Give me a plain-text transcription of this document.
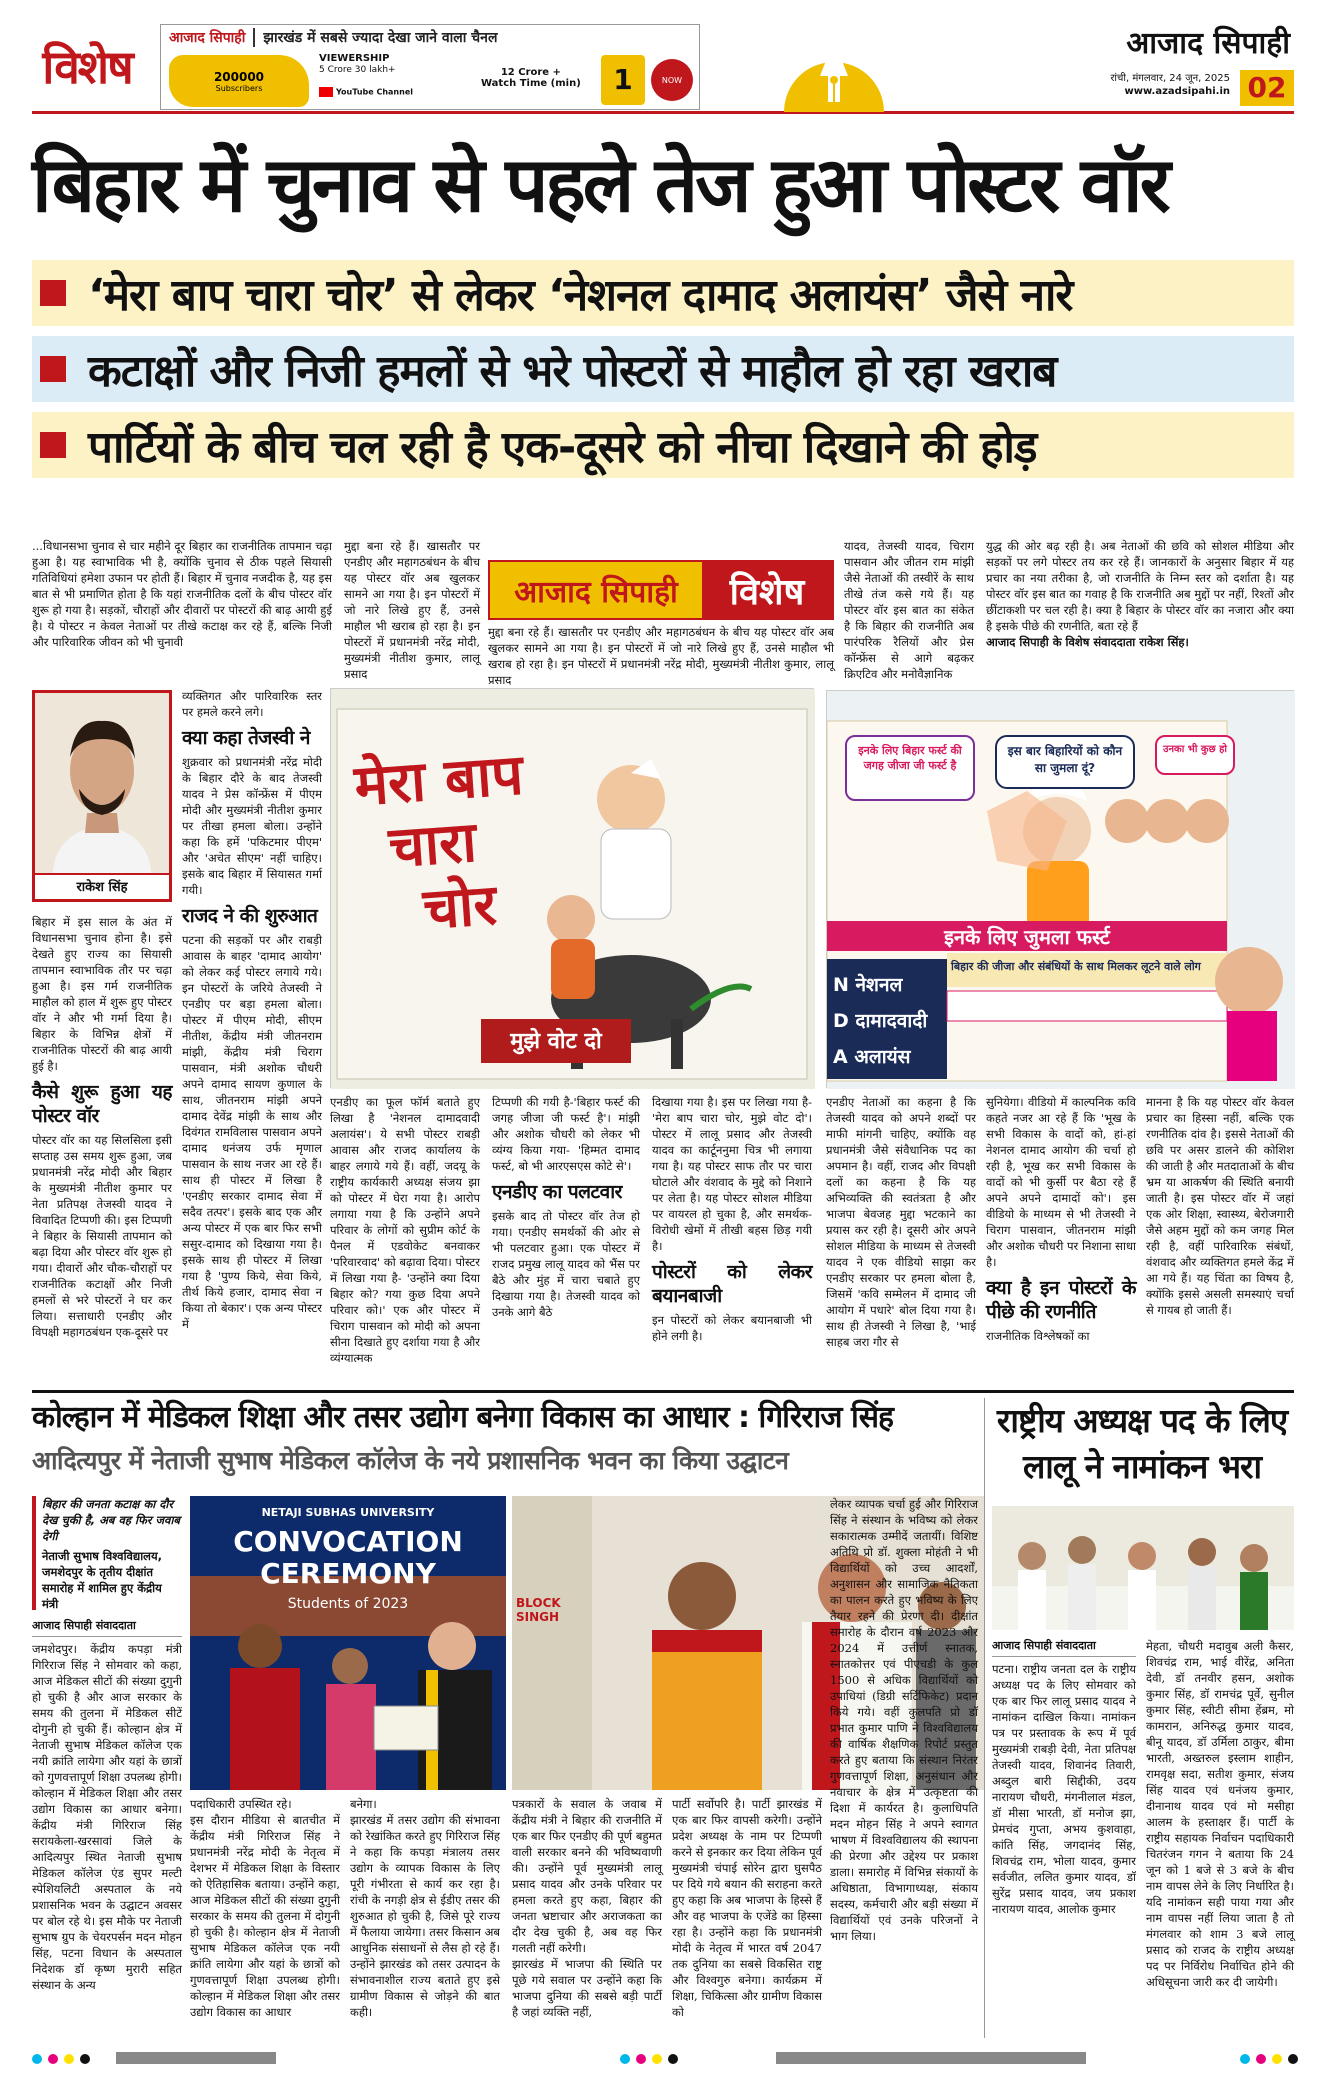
विशेष
आजाद सिपाही	झारखंड में सबसे ज्यादा देखा जाने वाला चैनल
200000
Subscribers
VIEWERSHIP
5 Crore 30 lakh+
YouTube Channel
12 Crore +
Watch Time (min)	1	NOW
आजाद सिपाही
रांची, मंगलवार, 24 जून, 2025
www.azadsipahi.in 02
बिहार में चुनाव से पहले तेज हुआ पोस्टर वॉर
‘मेरा बाप चारा चोर’ से लेकर ‘नेशनल दामाद अलायंस’ जैसे नारे
कटाक्षों और निजी हमलों से भरे पोस्टरों से माहौल हो रहा खराब
पार्टियों के बीच चल रही है एक-दूसरे को नीचा दिखाने की होड़

...विधानसभा चुनाव से चार महीने दूर बिहार का राजनीतिक तापमान चढ़ा हुआ है। यह स्वाभाविक भी है, क्योंकि चुनाव से ठीक पहले सियासी गतिविधियां हमेशा उफान पर होती हैं। बिहार में चुनाव नजदीक है, यह इस बात से भी प्रमाणित होता है कि यहां राजनीतिक दलों के बीच पोस्टर वॉर शुरू हो गया है। सड़कों, चौराहों और दीवारों पर पोस्टरों की बाढ़ आयी हुई है। ये पोस्टर न केवल नेताओं पर तीखे कटाक्ष कर रहे हैं, बल्कि निजी और पारिवारिक जीवन को भी चुनावी

मुद्दा बना रहे हैं। खासतौर पर एनडीए और महागठबंधन के बीच यह पोस्टर वॉर अब खुलकर सामने आ गया है। इन पोस्टरों में जो नारे लिखे हुए हैं, उनसे माहौल भी खराब हो रहा है। इन पोस्टरों में प्रधानमंत्री नरेंद्र मोदी, मुख्यमंत्री नीतीश कुमार, लालू प्रसाद

आजाद सिपाही	विशेष

मुद्दा बना रहे हैं। खासतौर पर एनडीए और महागठबंधन के बीच यह पोस्टर वॉर अब खुलकर सामने आ गया है। इन पोस्टरों में जो नारे लिखे हुए हैं, उनसे माहौल भी खराब हो रहा है। इन पोस्टरों में प्रधानमंत्री नरेंद्र मोदी, मुख्यमंत्री नीतीश कुमार, लालू प्रसाद

यादव, तेजस्वी यादव, चिराग पासवान और जीतन राम मांझी जैसे नेताओं की तस्वीरें के साथ तीखे तंज कसे गये हैं। यह पोस्टर वॉर इस बात का संकेत है कि बिहार की राजनीति अब पारंपरिक रैलियों और प्रेस कॉन्फ्रेंस से आगे बढ़कर क्रिएटिव और मनोवैज्ञानिक

युद्ध की ओर बढ़ रही है। अब नेताओं की छवि को सोशल मीडिया और सड़कों पर लगे पोस्टर तय कर रहे हैं। जानकारों के अनुसार बिहार में यह प्रचार का नया तरीका है, जो राजनीति के निम्न स्तर को दर्शाता है। यह पोस्टर वॉर इस बात का गवाह है कि राजनीति अब मुद्दों पर नहीं, रिश्तों और छींटाकशी पर चल रही है। क्या है बिहार के पोस्टर वॉर का नजारा और क्या है इसके पीछे की रणनीति, बता रहे हैं

आजाद सिपाही के विशेष संवाददाता राकेश सिंह।

राकेश सिंह

व्यक्तिगत और पारिवारिक स्तर पर हमले करने लगे।

क्या कहा तेजस्वी ने

शुक्रवार को प्रधानमंत्री नरेंद्र मोदी के बिहार दौरे के बाद तेजस्वी यादव ने प्रेस कॉन्फ्रेंस में पीएम मोदी और मुख्यमंत्री नीतीश कुमार पर तीखा हमला बोला। उन्होंने कहा कि हमें 'पकिटमार पीएम' और 'अचेत सीएम' नहीं चाहिए। इसके बाद बिहार में सियासत गर्मा गयी।

राजद ने की शुरुआत

पटना की सड़कों पर और राबड़ी आवास के बाहर 'दामाद आयोग' को लेकर कई पोस्टर लगाये गये। इन पोस्टरों के जरिये तेजस्वी ने एनडीए पर बड़ा हमला बोला। पोस्टर में पीएम मोदी, सीएम नीतीश, केंद्रीय मंत्री जीतनराम मांझी, केंद्रीय मंत्री चिराग पासवान, मंत्री अशोक चौधरी अपने दामाद सायण कुणाल के साथ, जीतनराम मांझी अपने दामाद देवेंद्र मांझी के साथ और दिवंगत रामविलास पासवान अपने दामाद धनंजय उर्फ मृणाल पासवान के साथ नजर आ रहे हैं। साथ ही पोस्टर में लिखा है 'एनडीए सरकार दामाद सेवा में सदैव तत्पर'। इसके बाद एक और अन्य पोस्टर में एक बार फिर सभी ससुर-दामाद को दिखाया गया है। इसके साथ ही पोस्टर में लिखा गया है 'पुण्य किये, सेवा किये, तीर्थ किये हजार, दामाद सेवा न किया तो बेकार'। एक अन्य पोस्टर में

बिहार में इस साल के अंत में विधानसभा चुनाव होना है। इसे देखते हुए राज्य का सियासी तापमान स्वाभाविक तौर पर चढ़ा हुआ है। इस गर्म राजनीतिक माहौल को हाल में शुरू हुए पोस्टर वॉर ने और भी गर्मा दिया है। बिहार के विभिन्न क्षेत्रों में राजनीतिक पोस्टरों की बाढ़ आयी हुई है।

कैसे शुरू हुआ यह पोस्टर वॉर

पोस्टर वॉर का यह सिलसिला इसी सप्ताह उस समय शुरू हुआ, जब प्रधानमंत्री नरेंद्र मोदी और बिहार के मुख्यमंत्री नीतीश कुमार पर नेता प्रतिपक्ष तेजस्वी यादव ने विवादित टिप्पणी की। इस टिप्पणी ने बिहार के सियासी तापमान को बढ़ा दिया और पोस्टर वॉर शुरू हो गया। दीवारों और चौक-चौराहों पर राजनीतिक कटाक्षों और निजी हमलों से भरे पोस्टरों ने घर कर लिया। सत्ताधारी एनडीए और विपक्षी महागठबंधन एक-दूसरे पर

मेरा बाप
चारा
चोर
मुझे वोट दो
इनके लिए बिहार फर्स्ट की जगह जीजा जी फर्स्ट है
इस बार बिहारियों को कौन सा जुमला दूं?
उनका भी कुछ हो
इनके लिए जुमला फर्स्ट
N नेशनल
D दामादवादी
A अलायंस
बिहार की जीजा और संबंधियों के साथ मिलकर लूटने वाले लोग

एनडीए का फूल फॉर्म बताते हुए लिखा है 'नेशनल दामादवादी अलायंस'। ये सभी पोस्टर राबड़ी आवास और राजद कार्यालय के बाहर लगाये गये हैं। वहीं, जदयू के राष्ट्रीय कार्यकारी अध्यक्ष संजय झा को पोस्टर में घेरा गया है। आरोप लगाया गया है कि उन्होंने अपने परिवार के लोगों को सुप्रीम कोर्ट के पैनल में एडवोकेट बनवाकर 'परिवारवाद' को बढ़ावा दिया। पोस्टर में लिखा गया है- 'उन्होंने क्या दिया बिहार को? गया कुछ दिया अपने परिवार को।' एक और पोस्टर में चिराग पासवान को मोदी को अपना सीना दिखाते हुए दर्शाया गया है और व्यंग्यात्मक

टिप्पणी की गयी है-'बिहार फर्स्ट की जगह जीजा जी फर्स्ट है'। मांझी और अशोक चौधरी को लेकर भी व्यंग्य किया गया- 'हिम्मत दामाद फर्स्ट, बो भी आरएसएस कोटे से'।

एनडीए का पलटवार

इसके बाद तो पोस्टर वॉर तेज हो गया। एनडीए समर्थकों की ओर से भी पलटवार हुआ। एक पोस्टर में राजद प्रमुख लालू यादव को भैंस पर बैठे और मुंह में चारा चबाते हुए दिखाया गया है। तेजस्वी यादव को उनके आगे बैठे

दिखाया गया है। इस पर लिखा गया है-'मेरा बाप चारा चोर, मुझे वोट दो'। पोस्टर में लालू प्रसाद और तेजस्वी यादव का कार्टूननुमा चित्र भी लगाया गया है। यह पोस्टर साफ तौर पर चारा घोटाले और वंशवाद के मुद्दे को निशाने पर लेता है। यह पोस्टर सोशल मीडिया पर वायरल हो चुका है, और समर्थक-विरोधी खेमों में तीखी बहस छिड़ गयी है।

पोस्टरों को लेकर बयानबाजी

इन पोस्टरों को लेकर बयानबाजी भी होने लगी है।

एनडीए नेताओं का कहना है कि तेजस्वी यादव को अपने शब्दों पर माफी मांगनी चाहिए, क्योंकि वह प्रधानमंत्री जैसे संवैधानिक पद का अपमान है। वहीं, राजद और विपक्षी दलों का कहना है कि यह अभिव्यक्ति की स्वतंत्रता है और भाजपा बेवजह मुद्दा भटकाने का प्रयास कर रही है। दूसरी ओर अपने सोशल मीडिया के माध्यम से तेजस्वी यादव ने एक वीडियो साझा कर एनडीए सरकार पर हमला बोला है, जिसमें 'कवि सम्मेलन में दामाद जी आयोग में पधारे' बोल दिया गया है। साथ ही तेजस्वी ने लिखा है, 'भाई साहब जरा गौर से

सुनियेगा। वीडियो में काल्पनिक कवि कहते नजर आ रहे हैं कि 'भूख के सभी विकास के वादों को, हां-हां नेशनल दामाद आयोग की चर्चा हो रही है, भूख कर सभी विकास के वादों को भी कुर्सी पर बैठा रहे हैं अपने अपने दामादों को'। इस वीडियो के माध्यम से भी तेजस्वी ने चिराग पासवान, जीतनराम मांझी और अशोक चौधरी पर निशाना साधा है।

क्या है इन पोस्टरों के पीछे की रणनीति

राजनीतिक विश्लेषकों का

मानना है कि यह पोस्टर वॉर केवल प्रचार का हिस्सा नहीं, बल्कि एक रणनीतिक दांव है। इससे नेताओं की छवि पर असर डालने की कोशिश की जाती है और मतदाताओं के बीच भ्रम या आकर्षण की स्थिति बनायी जाती है। इस पोस्टर वॉर में जहां एक ओर शिक्षा, स्वास्थ्य, बेरोजगारी जैसे अहम मुद्दों को कम जगह मिल रही है, वहीं पारिवारिक संबंधों, वंशवाद और व्यक्तिगत हमले केंद्र में आ गये हैं। यह चिंता का विषय है, क्योंकि इससे असली समस्याएं चर्चा से गायब हो जाती हैं।

कोल्हान में मेडिकल शिक्षा और तसर उद्योग बनेगा विकास का आधार : गिरिराज सिंह
आदित्यपुर में नेताजी सुभाष मेडिकल कॉलेज के नये प्रशासनिक भवन का किया उद्घाटन
बिहार की जनता कटाक्ष का दौर देख चुकी है, अब वह फिर जवाब देगी
नेताजी सुभाष विश्वविद्यालय, जमशेदपुर के तृतीय दीक्षांत समारोह में शामिल हुए केंद्रीय मंत्री
NETAJI SUBHAS UNIVERSITY
CONVOCATION CEREMONY
Students of 2023	BLOCK SINGH
आजाद सिपाही संवाददाता

जमशेदपुर। केंद्रीय कपड़ा मंत्री गिरिराज सिंह ने सोमवार को कहा, आज मेडिकल सीटों की संख्या दुगुनी हो चुकी है और आज सरकार के समय की तुलना में मेडिकल सीटें दोगुनी हो चुकी हैं। कोल्हान क्षेत्र में नेताजी सुभाष मेडिकल कॉलेज एक नयी क्रांति लायेगा और यहां के छात्रों को गुणवत्तापूर्ण शिक्षा उपलब्ध होगी। कोल्हान में मेडिकल शिक्षा और तसर उद्योग विकास का आधार बनेगा। केंद्रीय मंत्री गिरिराज सिंह सरायकेला-खरसावां जिले के आदित्यपुर स्थित नेताजी सुभाष मेडिकल कॉलेज एंड सुपर मल्टी स्पेशियलिटी अस्पताल के नये प्रशासनिक भवन के उद्घाटन अवसर पर बोल रहे थे। इस मौके पर नेताजी सुभाष ग्रुप के चेयरपर्सन मदन मोहन सिंह, पटना विधान के अस्पताल निदेशक डॉ कृष्ण मुरारी सहित संस्थान के अन्य

पदाधिकारी उपस्थित रहे।

इस दौरान मीडिया से बातचीत में केंद्रीय मंत्री गिरिराज सिंह ने प्रधानमंत्री नरेंद्र मोदी के नेतृत्व में देशभर में मेडिकल शिक्षा के विस्तार को ऐतिहासिक बताया। उन्होंने कहा, आज मेडिकल सीटों की संख्या दुगुनी सरकार के समय की तुलना में दोगुनी हो चुकी है। कोल्हान क्षेत्र में नेताजी सुभाष मेडिकल कॉलेज एक नयी क्रांति लायेगा और यहां के छात्रों को गुणवत्तापूर्ण शिक्षा उपलब्ध होगी। कोल्हान में मेडिकल शिक्षा और तसर उद्योग विकास का आधार

बनेगा।

झारखंड में तसर उद्योग की संभावना को रेखांकित करते हुए गिरिराज सिंह ने कहा कि कपड़ा मंत्रालय तसर उद्योग के व्यापक विकास के लिए पूरी गंभीरता से कार्य कर रहा है। रांची के नगड़ी क्षेत्र से ईडीए तसर की शुरुआत हो चुकी है, जिसे पूरे राज्य में फैलाया जायेगा। तसर किसान अब आधुनिक संसाधनों से लैस हो रहे हैं। उन्होंने झारखंड को तसर उत्पादन के संभावनाशील राज्य बताते हुए इसे ग्रामीण विकास से जोड़ने की बात कही।

पत्रकारों के सवाल के जवाब में केंद्रीय मंत्री ने बिहार की राजनीति में एक बार फिर एनडीए की पूर्ण बहुमत वाली सरकार बनने की भविष्यवाणी की। उन्होंने पूर्व मुख्यमंत्री लालू प्रसाद यादव और उनके परिवार पर हमला करते हुए कहा, बिहार की जनता भ्रष्टाचार और अराजकता का दौर देख चुकी है, अब वह फिर गलती नहीं करेगी।

झारखंड में भाजपा की स्थिति पर पूछे गये सवाल पर उन्होंने कहा कि भाजपा दुनिया की सबसे बड़ी पार्टी है जहां व्यक्ति नहीं,

पार्टी सर्वोपरि है। पार्टी झारखंड में एक बार फिर वापसी करेगी। उन्होंने प्रदेश अध्यक्ष के नाम पर टिप्पणी करने से इनकार कर दिया लेकिन पूर्व मुख्यमंत्री चंपाई सोरेन द्वारा घुसपैठ पर दिये गये बयान की सराहना करते हुए कहा कि अब भाजपा के हिस्से हैं और वह भाजपा के एजेंडे का हिस्सा रहा है। उन्होंने कहा कि प्रधानमंत्री मोदी के नेतृत्व में भारत वर्ष 2047 तक दुनिया का सबसे विकसित राष्ट्र और विश्वगुरु बनेगा। कार्यक्रम में शिक्षा, चिकित्सा और ग्रामीण विकास को

लेकर व्यापक चर्चा हुई और गिरिराज सिंह ने संस्थान के भविष्य को लेकर सकारात्मक उम्मीदें जतायीं। विशिष्ट अतिथि प्रो डॉ. शुक्ला मोहंती ने भी विद्यार्थियों को उच्च आदर्शों, अनुशासन और सामाजिक नैतिकता का पालन करते हुए भविष्य के लिए तैयार रहने की प्रेरणा दी। दीक्षांत समारोह के दौरान वर्ष 2023 और 2024 में उत्तीर्ण स्नातक, स्नातकोत्तर एवं पीएचडी के कुल 1500 से अधिक विद्यार्थियों को उपाधियां (डिग्री सर्टिफिकेट) प्रदान किये गये। वहीं कुलपति प्रो डॉ प्रभात कुमार पाणि ने विश्वविद्यालय की वार्षिक शैक्षणिक रिपोर्ट प्रस्तुत करते हुए बताया कि संस्थान निरंतर गुणवत्तापूर्ण शिक्षा, अनुसंधान और नवाचार के क्षेत्र में उत्कृष्टता की दिशा में कार्यरत है। कुलाधिपति मदन मोहन सिंह ने अपने स्वागत भाषण में विश्वविद्यालय की स्थापना की प्रेरणा और उद्देश्य पर प्रकाश डाला। समारोह में विभिन्न संकायों के अधिष्ठाता, विभागाध्यक्ष, संकाय सदस्य, कर्मचारी और बड़ी संख्या में विद्यार्थियों एवं उनके परिजनों ने भाग लिया।

राष्ट्रीय अध्यक्ष पद के लिए लालू ने नामांकन भरा
आजाद सिपाही संवाददाता

पटना। राष्ट्रीय जनता दल के राष्ट्रीय अध्यक्ष पद के लिए सोमवार को एक बार फिर लालू प्रसाद यादव ने नामांकन दाखिल किया। नामांकन पत्र पर प्रस्तावक के रूप में पूर्व मुख्यमंत्री राबड़ी देवी, नेता प्रतिपक्ष तेजस्वी यादव, शिवानंद तिवारी, अब्दुल बारी सिद्दीकी, उदय नारायण चौधरी, मंगनीलाल मंडल, डॉ मीसा भारती, डॉ मनोज झा, प्रेमचंद गुप्ता, अभय कुशवाहा, कांति सिंह, जगदानंद सिंह, शिवचंद्र राम, भोला यादव, कुमार सर्वजीत, ललित कुमार यादव, डॉ सुरेंद्र प्रसाद यादव, जय प्रकाश नारायण यादव, आलोक कुमार

मेहता, चौधरी मदावुब अली कैसर, शिवचंद्र राम, भाई वीरेंद्र, अनिता देवी, डॉ तनवीर हसन, अशोक कुमार सिंह, डॉ रामचंद्र पूर्वे, सुनील कुमार सिंह, स्वीटी सीमा हेंब्रम, मो कामरान, अनिरुद्ध कुमार यादव, बीनू यादव, डॉ उर्मिला ठाकुर, बीमा भारती, अख्तरुल इस्लाम शाहीन, रामवृक्ष सदा, सतीश कुमार, संजय सिंह यादव एवं धनंजय कुमार, दीनानाथ यादव एवं मो मसीहा आलम के हस्ताक्षर हैं। पार्टी के राष्ट्रीय सहायक निर्वाचन पदाधिकारी चितरंजन गगन ने बताया कि 24 जून को 1 बजे से 3 बजे के बीच नाम वापस लेने के लिए निर्धारित है। यदि नामांकन सही पाया गया और नाम वापस नहीं लिया जाता है तो मंगलवार को शाम 3 बजे लालू प्रसाद को राजद के राष्ट्रीय अध्यक्ष पद पर निर्विरोध निर्वाचित होने की अधिसूचना जारी कर दी जायेगी।
